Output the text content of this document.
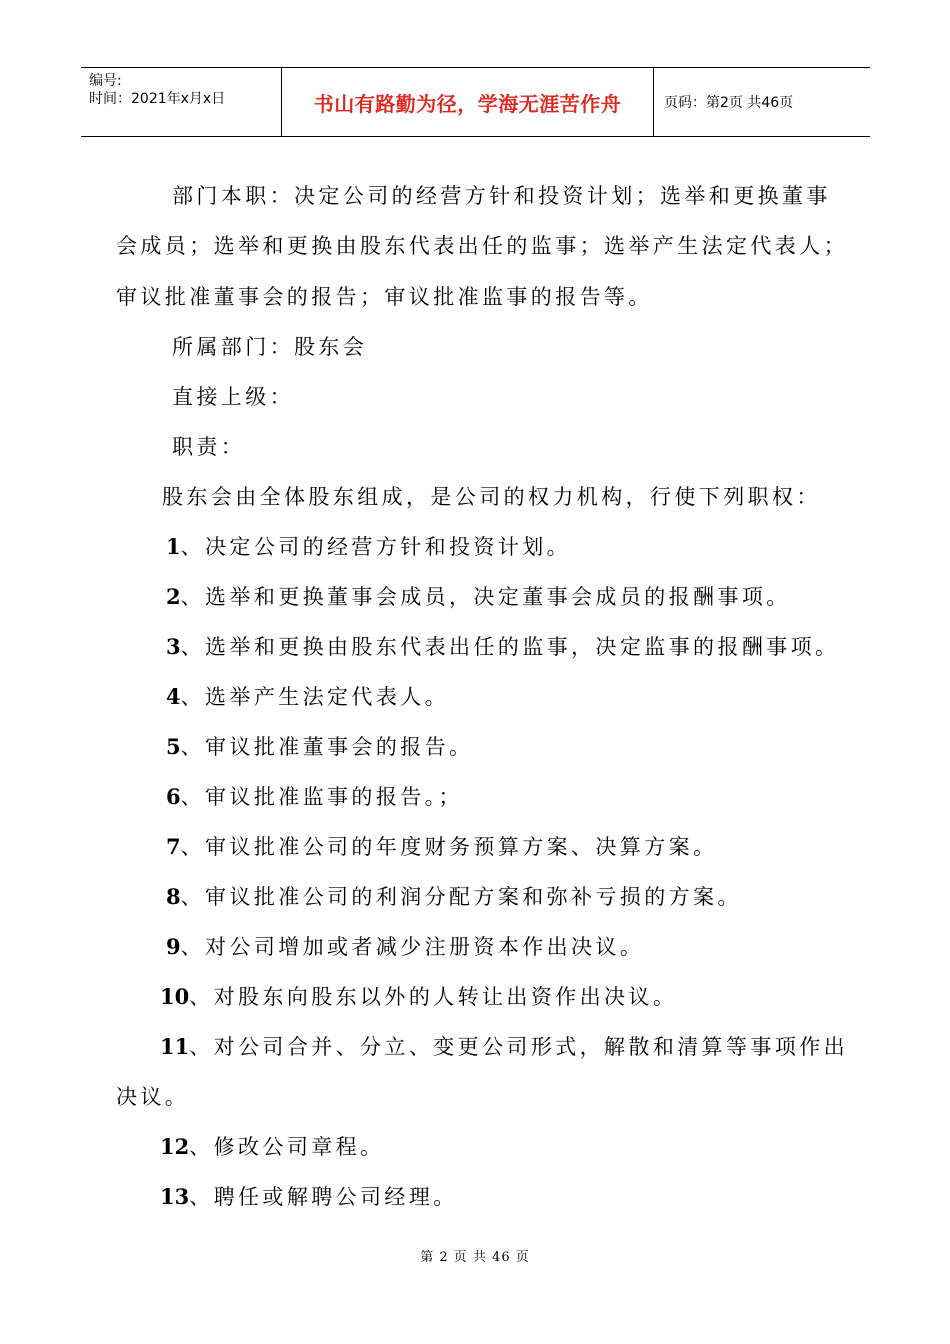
编号:
时间：2021年x月x日	书山有路勤为径，学海无涯苦作舟	页码：第2页 共46页
部门本职：决定公司的经营方针和投资计划；选举和更换董事
会成员；选举和更换由股东代表出任的监事；选举产生法定代表人；
审议批准董事会的报告；审议批准监事的报告等。
所属部门：股东会
直接上级：
职责：
股东会由全体股东组成，是公司的权力机构，行使下列职权：
1、决定公司的经营方针和投资计划。
2、选举和更换董事会成员，决定董事会成员的报酬事项。
3、选举和更换由股东代表出任的监事，决定监事的报酬事项。
4、选举产生法定代表人。
5、审议批准董事会的报告。
6、审议批准监事的报告。；
7、审议批准公司的年度财务预算方案、决算方案。
8、审议批准公司的利润分配方案和弥补亏损的方案。
9、对公司增加或者减少注册资本作出决议。
10、对股东向股东以外的人转让出资作出决议。
11、对公司合并、分立、变更公司形式，解散和清算等事项作出
决议。
12、修改公司章程。
13、聘任或解聘公司经理。
第 2 页 共 46 页
